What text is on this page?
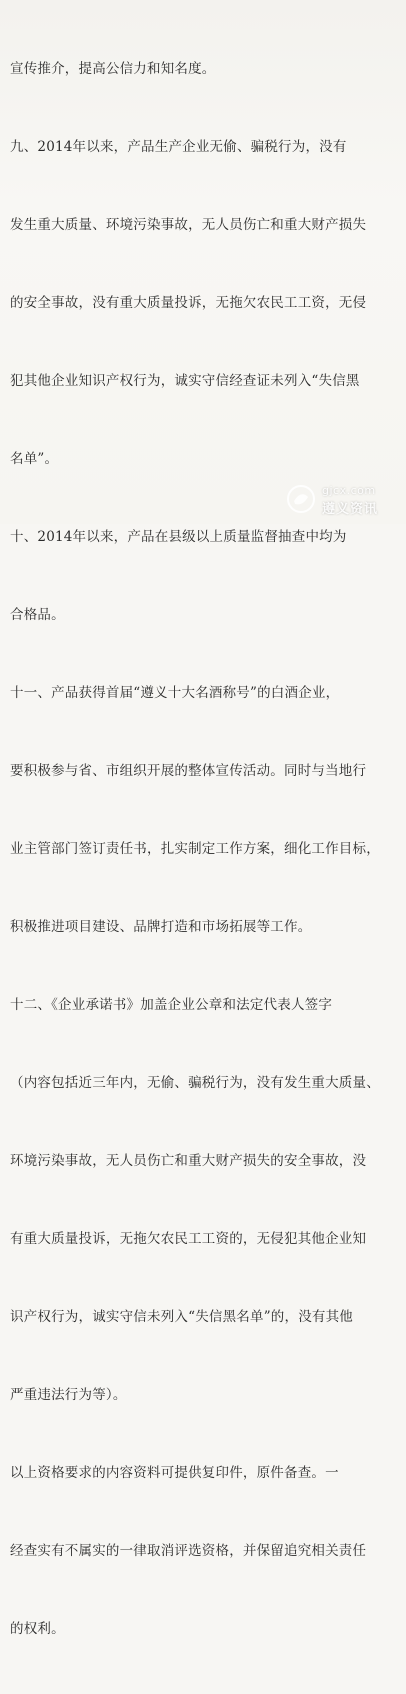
宣传推介，提高公信力和知名度。

九、2014年以来，产品生产企业无偷、骗税行为，没有

发生重大质量、环境污染事故，无人员伤亡和重大财产损失

的安全事故，没有重大质量投诉，无拖欠农民工工资，无侵

犯其他企业知识产权行为，诚实守信经查证未列入“失信黑

名单”。

十、2014年以来，产品在县级以上质量监督抽查中均为

合格品。

十一、产品获得首届“遵义十大名酒称号”的白酒企业，

要积极参与省、市组织开展的整体宣传活动。同时与当地行

业主管部门签订责任书，扎实制定工作方案，细化工作目标，

积极推进项目建设、品牌打造和市场拓展等工作。

十二、《企业承诺书》加盖企业公章和法定代表人签字

（内容包括近三年内，无偷、骗税行为，没有发生重大质量、

环境污染事故，无人员伤亡和重大财产损失的安全事故，没

有重大质量投诉，无拖欠农民工工资的，无侵犯其他企业知

识产权行为，诚实守信未列入“失信黑名单”的，没有其他

严重违法行为等）。

以上资格要求的内容资料可提供复印件，原件备查。一

经查实有不属实的一律取消评选资格，并保留追究相关责任

的权利。

gjcx.com
遵义资讯
